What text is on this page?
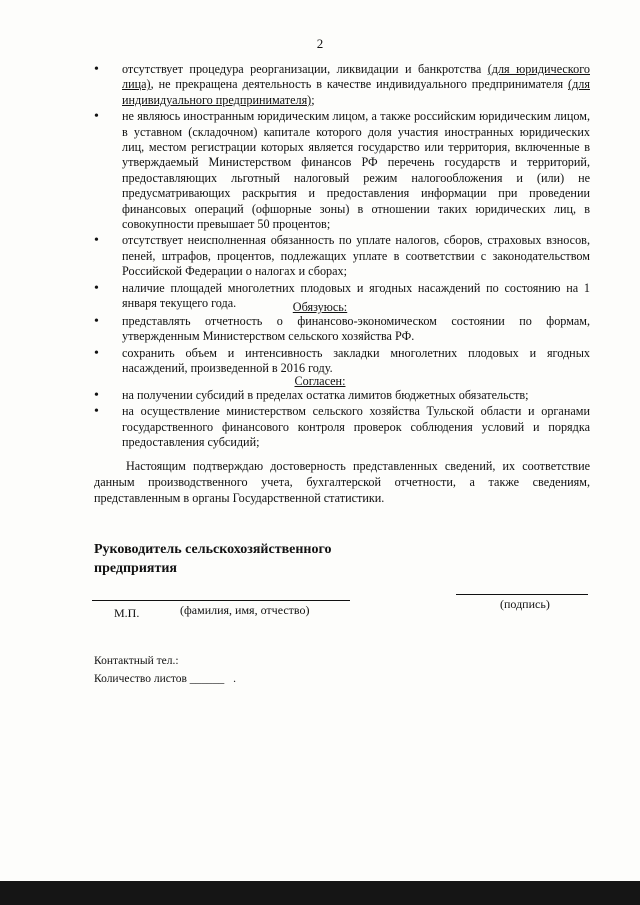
2
• отсутствует процедура реорганизации, ликвидации и банкротства (для юридического лица), не прекращена деятельность в качестве индивидуального предпринимателя (для индивидуального предпринимателя);
• не являюсь иностранным юридическим лицом, а также российским юридическим лицом, в уставном (складочном) капитале которого доля участия иностранных юридических лиц, местом регистрации которых является государство или территория, включенные в утверждаемый Министерством финансов РФ перечень государств и территорий, предоставляющих льготный налоговый режим налогообложения и (или) не предусматривающих раскрытия и предоставления информации при проведении финансовых операций (офшорные зоны) в отношении таких юридических лиц, в совокупности превышает 50 процентов;
• отсутствует неисполненная обязанность по уплате налогов, сборов, страховых взносов, пеней, штрафов, процентов, подлежащих уплате в соответствии с законодательством Российской Федерации о налогах и сборах;
• наличие площадей многолетних плодовых и ягодных насаждений по состоянию на 1 января текущего года.	Обязуюсь:
• представлять отчетность о финансово-экономическом состоянии по формам, утвержденным Министерством сельского хозяйства РФ.
• сохранить объем и интенсивность закладки многолетних плодовых и ягодных насаждений, произведенной в 2016 году.
Согласен:
• на получении субсидий в пределах остатка лимитов бюджетных обязательств;
• на осуществление министерством сельского хозяйства Тульской области и органами государственного финансового контроля проверок соблюдения условий и порядка предоставления субсидий;

Настоящим подтверждаю достоверность представленных сведений, их соответствие данным производственного учета, бухгалтерской отчетности, а также сведениям, представленным в органы Государственной статистики.

Руководитель сельскохозяйственного предприятия
М.П.	(фамилия, имя, отчество)	(подпись)
Контактный тел.:
Количество листов ______ .
